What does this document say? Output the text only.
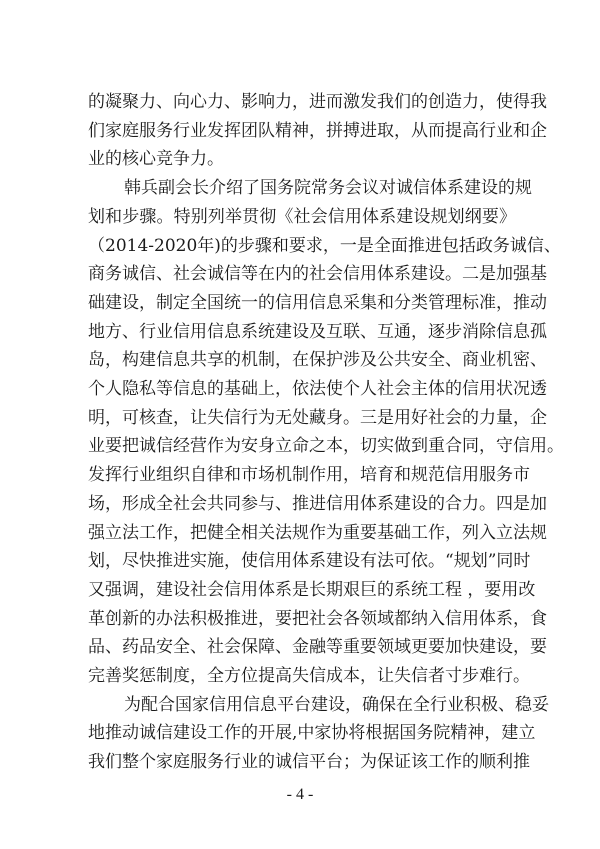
的凝聚力、向心力、影响力，进而激发我们的创造力，使得我
们家庭服务行业发挥团队精神，拼搏进取，从而提高行业和企
业的核心竞争力。
韩兵副会长介绍了国务院常务会议对诚信体系建设的规
划和步骤。特别列举贯彻《社会信用体系建设规划纲要》
（2014-2020年)的步骤和要求，一是全面推进包括政务诚信、
商务诚信、社会诚信等在内的社会信用体系建设。二是加强基
础建设，制定全国统一的信用信息采集和分类管理标准，推动
地方、行业信用信息系统建设及互联、互通，逐步消除信息孤
岛，构建信息共享的机制，在保护涉及公共安全、商业机密、
个人隐私等信息的基础上，依法使个人社会主体的信用状况透
明，可核查，让失信行为无处藏身。三是用好社会的力量，企
业要把诚信经营作为安身立命之本，切实做到重合同，守信用。
发挥行业组织自律和市场机制作用，培育和规范信用服务市
场，形成全社会共同参与、推进信用体系建设的合力。四是加
强立法工作，把健全相关法规作为重要基础工作，列入立法规
划，尽快推进实施，使信用体系建设有法可依。“规划”同时
又强调，建设社会信用体系是长期艰巨的系统工程 ，要用改
革创新的办法积极推进，要把社会各领域都纳入信用体系，食
品、药品安全、社会保障、金融等重要领域更要加快建设，要
完善奖惩制度，全方位提高失信成本，让失信者寸步难行。
为配合国家信用信息平台建设，确保在全行业积极、稳妥
地推动诚信建设工作的开展,中家协将根据国务院精神，建立
我们整个家庭服务行业的诚信平台；为保证该工作的顺利推
- 4 -
